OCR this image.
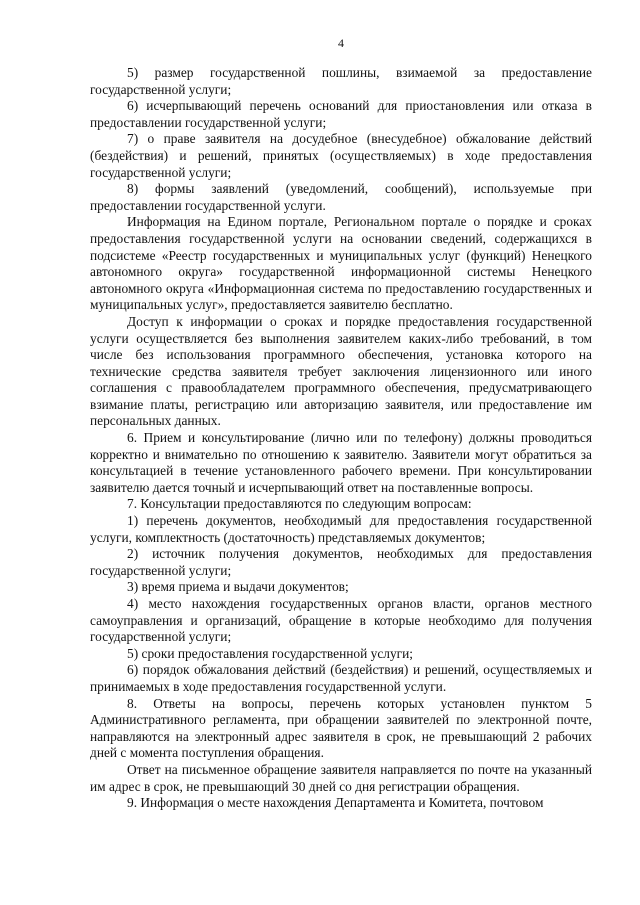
4

5) размер государственной пошлины, взимаемой за предоставление государственной услуги;

6) исчерпывающий перечень оснований для приостановления или отказа в предоставлении государственной услуги;

7) о праве заявителя на досудебное (внесудебное) обжалование действий (бездействия) и решений, принятых (осуществляемых) в ходе предоставления государственной услуги;

8) формы заявлений (уведомлений, сообщений), используемые при предоставлении государственной услуги.

Информация на Едином портале, Региональном портале о порядке и сроках предоставления государственной услуги на основании сведений, содержащихся в подсистеме «Реестр государственных и муниципальных услуг (функций) Ненецкого автономного округа» государственной информационной системы Ненецкого автономного округа «Информационная система по предоставлению государственных и муниципальных услуг», предоставляется заявителю бесплатно.

Доступ к информации о сроках и порядке предоставления государственной услуги осуществляется без выполнения заявителем каких-либо требований, в том числе без использования программного обеспечения, установка которого на технические средства заявителя требует заключения лицензионного или иного соглашения с правообладателем программного обеспечения, предусматривающего взимание платы, регистрацию или авторизацию заявителя, или предоставление им персональных данных.

6. Прием и консультирование (лично или по телефону) должны проводиться корректно и внимательно по отношению к заявителю. Заявители могут обратиться за консультацией в течение установленного рабочего времени. При консультировании заявителю дается точный и исчерпывающий ответ на поставленные вопросы.

7. Консультации предоставляются по следующим вопросам:

1) перечень документов, необходимый для предоставления государственной услуги, комплектность (достаточность) представляемых документов;

2) источник получения документов, необходимых для предоставления государственной услуги;

3) время приема и выдачи документов;

4) место нахождения государственных органов власти, органов местного самоуправления и организаций, обращение в которые необходимо для получения государственной услуги;

5) сроки предоставления государственной услуги;

6) порядок обжалования действий (бездействия) и решений, осуществляемых и принимаемых в ходе предоставления государственной услуги.

8. Ответы на вопросы, перечень которых установлен пунктом 5 Административного регламента, при обращении заявителей по электронной почте, направляются на электронный адрес заявителя в срок, не превышающий 2 рабочих дней с момента поступления обращения.

Ответ на письменное обращение заявителя направляется по почте на указанный им адрес в срок, не превышающий 30 дней со дня регистрации обращения.

9. Информация о месте нахождения Департамента и Комитета, почтовом
